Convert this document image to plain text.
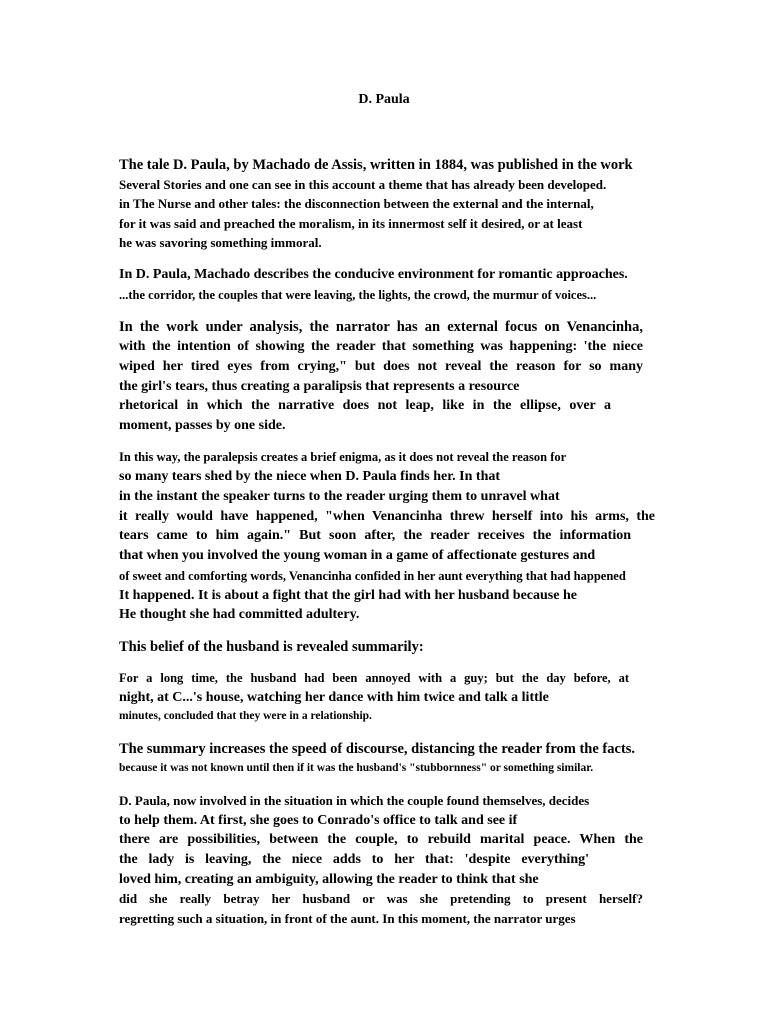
D. Paula
The tale D. Paula, by Machado de Assis, written in 1884, was published in the work
Several Stories and one can see in this account a theme that has already been developed.
in The Nurse and other tales: the disconnection between the external and the internal,
for it was said and preached the moralism, in its innermost self it desired, or at least
he was savoring something immoral.
In D. Paula, Machado describes the conducive environment for romantic approaches.
...the corridor, the couples that were leaving, the lights, the crowd, the murmur of voices...
In the work under analysis, the narrator has an external focus on Venancinha,
with the intention of showing the reader that something was happening: 'the niece
wiped her tired eyes from crying," but does not reveal the reason for so many
the girl's tears, thus creating a paralipsis that represents a resource
rhetorical in which the narrative does not leap, like in the ellipse, over a
moment, passes by one side.
In this way, the paralepsis creates a brief enigma, as it does not reveal the reason for
so many tears shed by the niece when D. Paula finds her. In that
in the instant the speaker turns to the reader urging them to unravel what
it really would have happened, "when Venancinha threw herself into his arms, the
tears came to him again." But soon after, the reader receives the information
that when you involved the young woman in a game of affectionate gestures and
of sweet and comforting words, Venancinha confided in her aunt everything that had happened
It happened. It is about a fight that the girl had with her husband because he
He thought she had committed adultery.
This belief of the husband is revealed summarily:
For a long time, the husband had been annoyed with a guy; but the day before, at
night, at C...'s house, watching her dance with him twice and talk a little
minutes, concluded that they were in a relationship.
The summary increases the speed of discourse, distancing the reader from the facts.
because it was not known until then if it was the husband's "stubbornness" or something similar.
D. Paula, now involved in the situation in which the couple found themselves, decides
to help them. At first, she goes to Conrado's office to talk and see if
there are possibilities, between the couple, to rebuild marital peace. When the
the lady is leaving, the niece adds to her that: 'despite everything'
loved him, creating an ambiguity, allowing the reader to think that she
did she really betray her husband or was she pretending to present herself?
regretting such a situation, in front of the aunt. In this moment, the narrator urges
